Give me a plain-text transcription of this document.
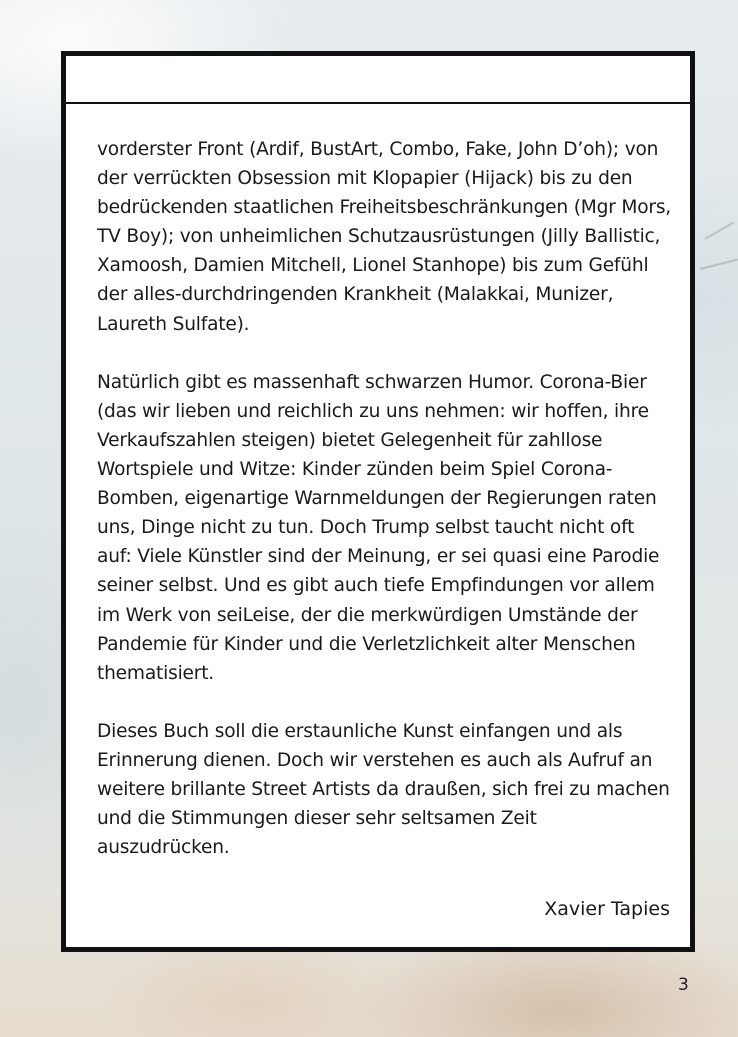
vorderster Front (Ardif, BustArt, Combo, Fake, John D’oh); von der verrückten Obsession mit Klopapier (Hijack) bis zu den bedrückenden staatlichen Freiheitsbeschränkungen (Mgr Mors, TV Boy); von unheimlichen Schutzausrüstungen (Jilly Ballistic, Xamoosh, Damien Mitchell, Lionel Stanhope) bis zum Gefühl der alles-durchdringenden Krankheit (Malakkai, Munizer, Laureth Sulfate).

Natürlich gibt es massenhaft schwarzen Humor. Corona-Bier (das wir lieben und reichlich zu uns nehmen: wir hoffen, ihre Verkaufszahlen steigen) bietet Gelegenheit für zahllose Wortspiele und Witze: Kinder zünden beim Spiel Corona-Bomben, eigenartige Warnmeldungen der Regierungen raten uns, Dinge nicht zu tun. Doch Trump selbst taucht nicht oft auf: Viele Künstler sind der Meinung, er sei quasi eine Parodie seiner selbst. Und es gibt auch tiefe Empfindungen vor allem im Werk von seiLeise, der die merkwürdigen Umstände der Pandemie für Kinder und die Verletzlichkeit alter Menschen thematisiert.

Dieses Buch soll die erstaunliche Kunst einfangen und als Erinnerung dienen. Doch wir verstehen es auch als Aufruf an weitere brillante Street Artists da draußen, sich frei zu machen und die Stimmungen dieser sehr seltsamen Zeit auszudrücken.

Xavier Tapies
3
